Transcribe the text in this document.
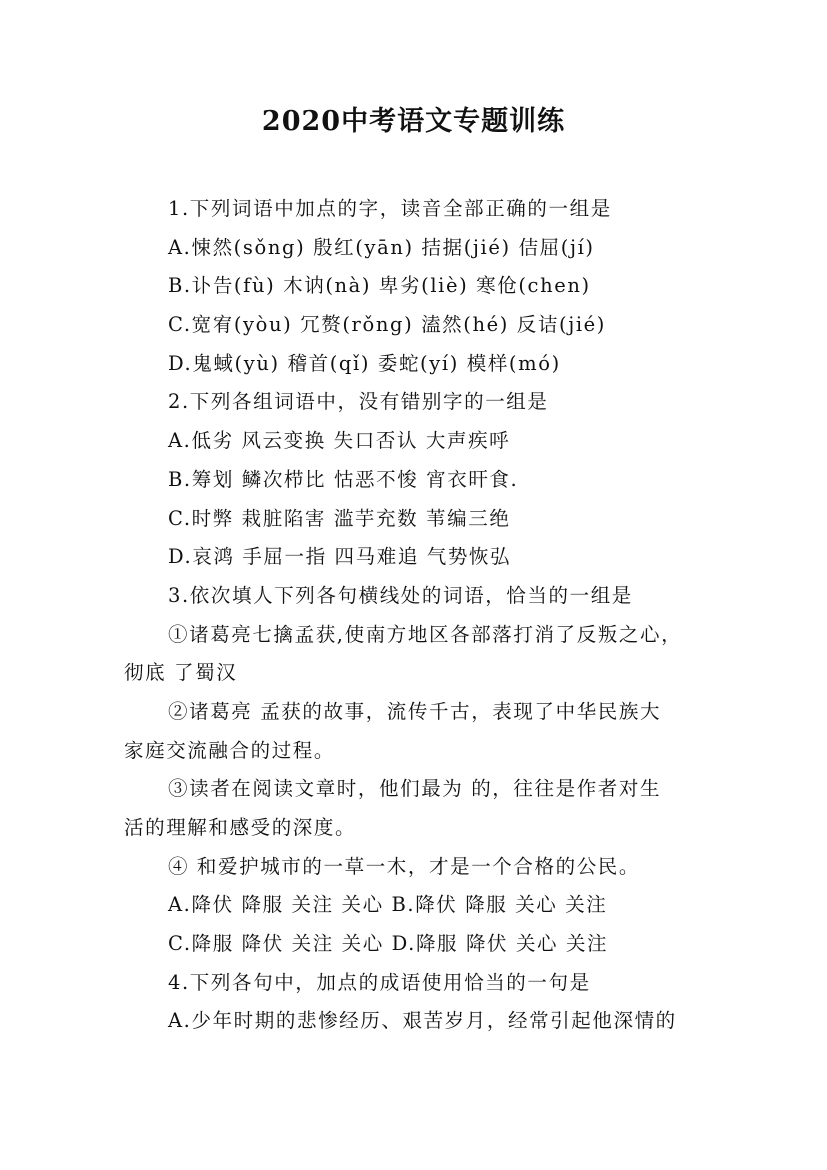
2020中考语文专题训练

1.下列词语中加点的字，读音全部正确的一组是

A.悚然(sǒng) 殷红(yān) 拮据(jié) 佶屈(jí)

B.讣告(fù) 木讷(nà) 卑劣(liè) 寒伧(chen)

C.宽宥(yòu) 冗赘(rǒng) 溘然(hé) 反诘(jié)

D.鬼蜮(yù) 稽首(qǐ) 委蛇(yí) 模样(mó)

2.下列各组词语中，没有错别字的一组是

A.低劣 风云变换 失口否认 大声疾呼

B.筹划 鳞次栉比 怙恶不悛 宵衣旰食.

C.时弊 栽脏陷害 滥芋充数 苇编三绝

D.哀鸿 手屈一指 四马难追 气势恢弘

3.依次填人下列各句横线处的词语，恰当的一组是

①诸葛亮七擒孟获,使南方地区各部落打消了反叛之心，

彻底 了蜀汉

②诸葛亮 孟获的故事，流传千古，表现了中华民族大

家庭交流融合的过程。

③读者在阅读文章时，他们最为 的，往往是作者对生

活的理解和感受的深度。

④ 和爱护城市的一草一木，才是一个合格的公民。

A.降伏 降服 关注 关心 B.降伏 降服 关心 关注

C.降服 降伏 关注 关心 D.降服 降伏 关心 关注

4.下列各句中，加点的成语使用恰当的一句是

A.少年时期的悲惨经历、艰苦岁月，经常引起他深情的
